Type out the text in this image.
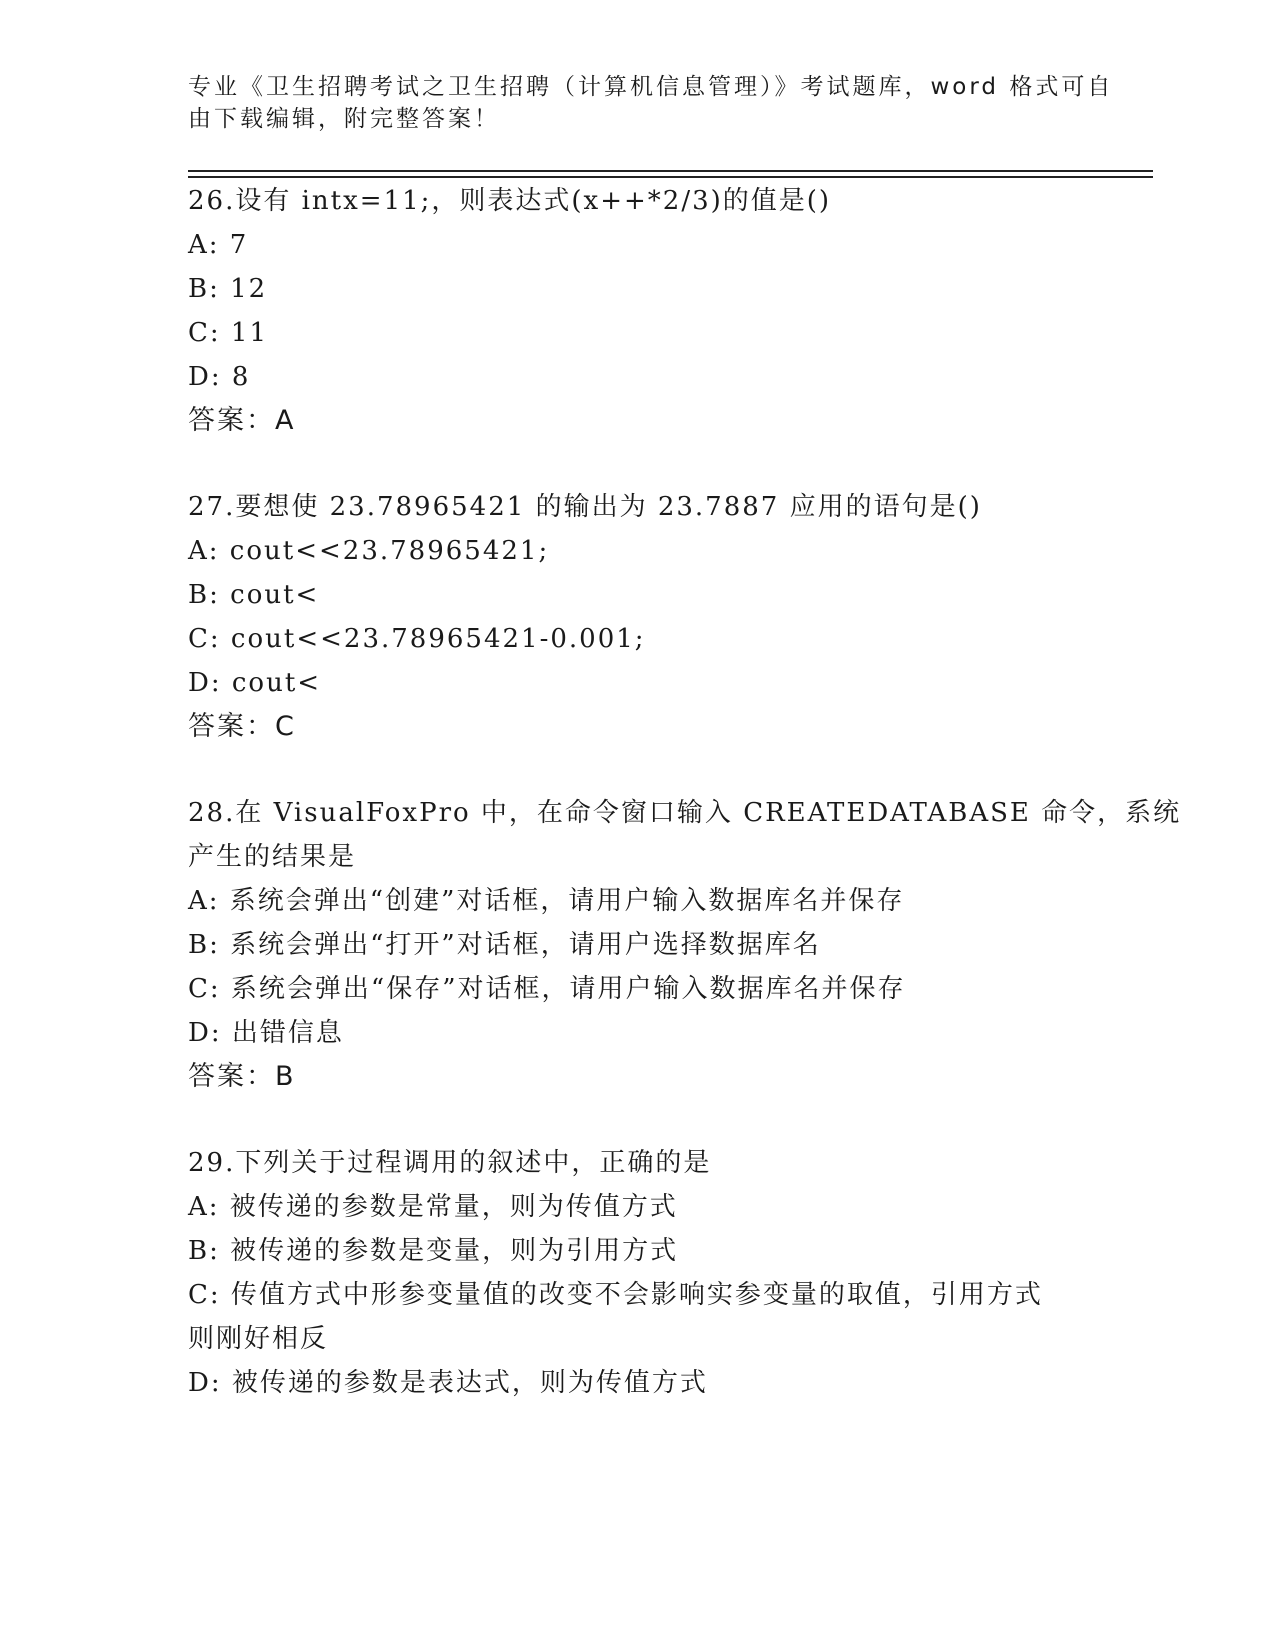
专业《卫生招聘考试之卫生招聘（计算机信息管理）》考试题库，word 格式可自
由下载编辑，附完整答案！
26.设有 intx=11;，则表达式(x++*2/3)的值是()
A: 7
B: 12
C: 11
D: 8
答案：A
27.要想使 23.78965421 的输出为 23.7887 应用的语句是()
A: cout<<23.78965421;
B: cout<
C: cout<<23.78965421-0.001;
D: cout<
答案：C
28.在 VisualFoxPro 中，在命令窗口输入 CREATEDATABASE 命令，系统
产生的结果是
A: 系统会弹出“创建”对话框，请用户输入数据库名并保存
B: 系统会弹出“打开”对话框，请用户选择数据库名
C: 系统会弹出“保存”对话框，请用户输入数据库名并保存
D: 出错信息
答案：B
29.下列关于过程调用的叙述中，正确的是
A: 被传递的参数是常量，则为传值方式
B: 被传递的参数是变量，则为引用方式
C: 传值方式中形参变量值的改变不会影响实参变量的取值，引用方式
则刚好相反
D: 被传递的参数是表达式，则为传值方式
